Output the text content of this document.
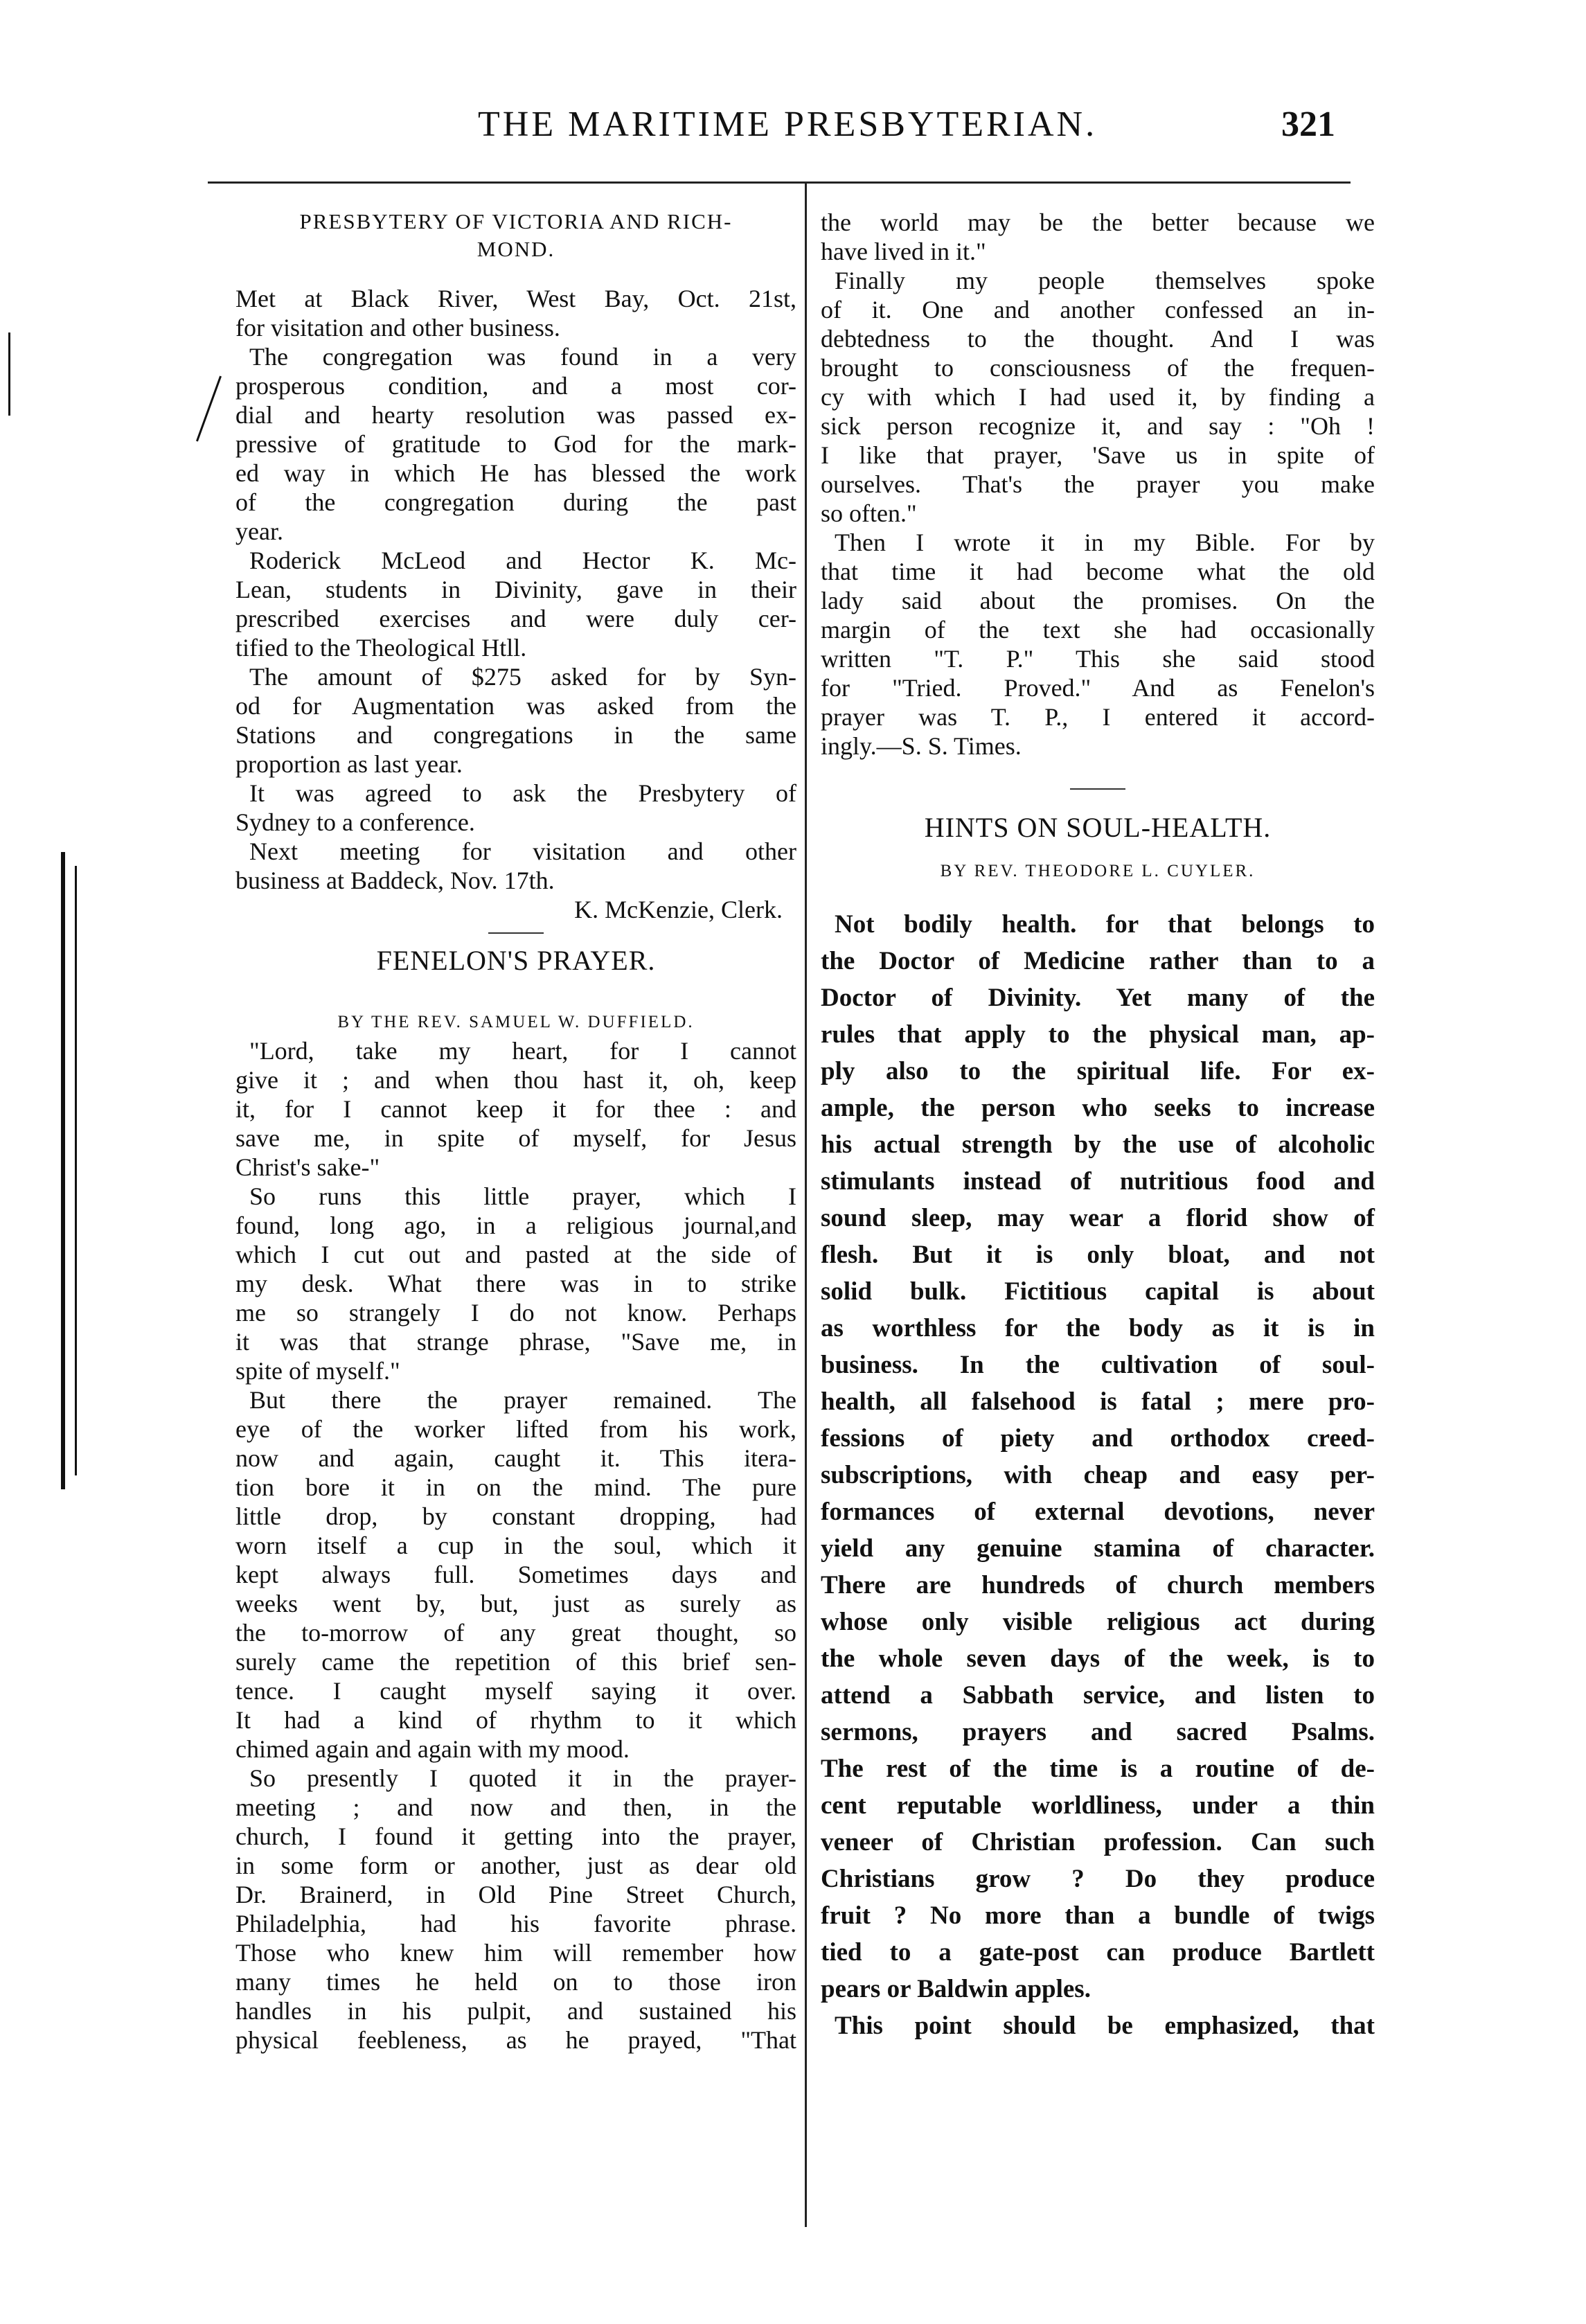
THE MARITIME PRESBYTERIAN.	321
PRESBYTERY OF VICTORIA AND RICH-
MOND.
Met at Black River, West Bay, Oct. 21st,
for visitation and other business.
The congregation was found in a very
prosperous condition, and a most cor-
dial and hearty resolution was passed ex-
pressive of gratitude to God for the mark-
ed way in which He has blessed the work
of the congregation during the past
year.
Roderick McLeod and Hector K. Mc-
Lean, students in Divinity, gave in their
prescribed exercises and were duly cer-
tified to the Theological Htll.
The amount of $275 asked for by Syn-
od for Augmentation was asked from the
Stations and congregations in the same
proportion as last year.
It was agreed to ask the Presbytery of
Sydney to a conference.
Next meeting for visitation and other
business at Baddeck, Nov. 17th.
K. McKenzie, Clerk.
FENELON'S PRAYER.
BY THE REV. SAMUEL W. DUFFIELD.
"Lord, take my heart, for I cannot
give it ; and when thou hast it, oh, keep
it, for I cannot keep it for thee : and
save me, in spite of myself, for Jesus
Christ's sake-"
So runs this little prayer, which I
found, long ago, in a religious journal,and
which I cut out and pasted at the side of
my desk. What there was in to strike
me so strangely I do not know. Perhaps
it was that strange phrase, "Save me, in
spite of myself."
But there the prayer remained. The
eye of the worker lifted from his work,
now and again, caught it. This itera-
tion bore it in on the mind. The pure
little drop, by constant dropping, had
worn itself a cup in the soul, which it
kept always full. Sometimes days and
weeks went by, but, just as surely as
the to-morrow of any great thought, so
surely came the repetition of this brief sen-
tence. I caught myself saying it over.
It had a kind of rhythm to it which
chimed again and again with my mood.
So presently I quoted it in the prayer-
meeting ; and now and then, in the
church, I found it getting into the prayer,
in some form or another, just as dear old
Dr. Brainerd, in Old Pine Street Church,
Philadelphia, had his favorite phrase.
Those who knew him will remember how
many times he held on to those iron
handles in his pulpit, and sustained his
physical feebleness, as he prayed, "That
the world may be the better because we
have lived in it."
Finally my people themselves spoke
of it. One and another confessed an in-
debtedness to the thought. And I was
brought to consciousness of the frequen-
cy with which I had used it, by finding a
sick person recognize it, and say : "Oh !
I like that prayer, 'Save us in spite of
ourselves. That's the prayer you make
so often."
Then I wrote it in my Bible. For by
that time it had become what the old
lady said about the promises. On the
margin of the text she had occasionally
written "T. P." This she said stood
for "Tried. Proved." And as Fenelon's
prayer was T. P., I entered it accord-
ingly.—S. S. Times.
HINTS ON SOUL-HEALTH.
BY REV. THEODORE L. CUYLER.
Not bodily health. for that belongs to
the Doctor of Medicine rather than to a
Doctor of Divinity. Yet many of the
rules that apply to the physical man, ap-
ply also to the spiritual life. For ex-
ample, the person who seeks to increase
his actual strength by the use of alcoholic
stimulants instead of nutritious food and
sound sleep, may wear a florid show of
flesh. But it is only bloat, and not
solid bulk. Fictitious capital is about
as worthless for the body as it is in
business. In the cultivation of soul-
health, all falsehood is fatal ; mere pro-
fessions of piety and orthodox creed-
subscriptions, with cheap and easy per-
formances of external devotions, never
yield any genuine stamina of character.
There are hundreds of church members
whose only visible religious act during
the whole seven days of the week, is to
attend a Sabbath service, and listen to
sermons, prayers and sacred Psalms.
The rest of the time is a routine of de-
cent reputable worldliness, under a thin
veneer of Christian profession. Can such
Christians grow ? Do they produce
fruit ? No more than a bundle of twigs
tied to a gate-post can produce Bartlett
pears or Baldwin apples.
This point should be emphasized, that
